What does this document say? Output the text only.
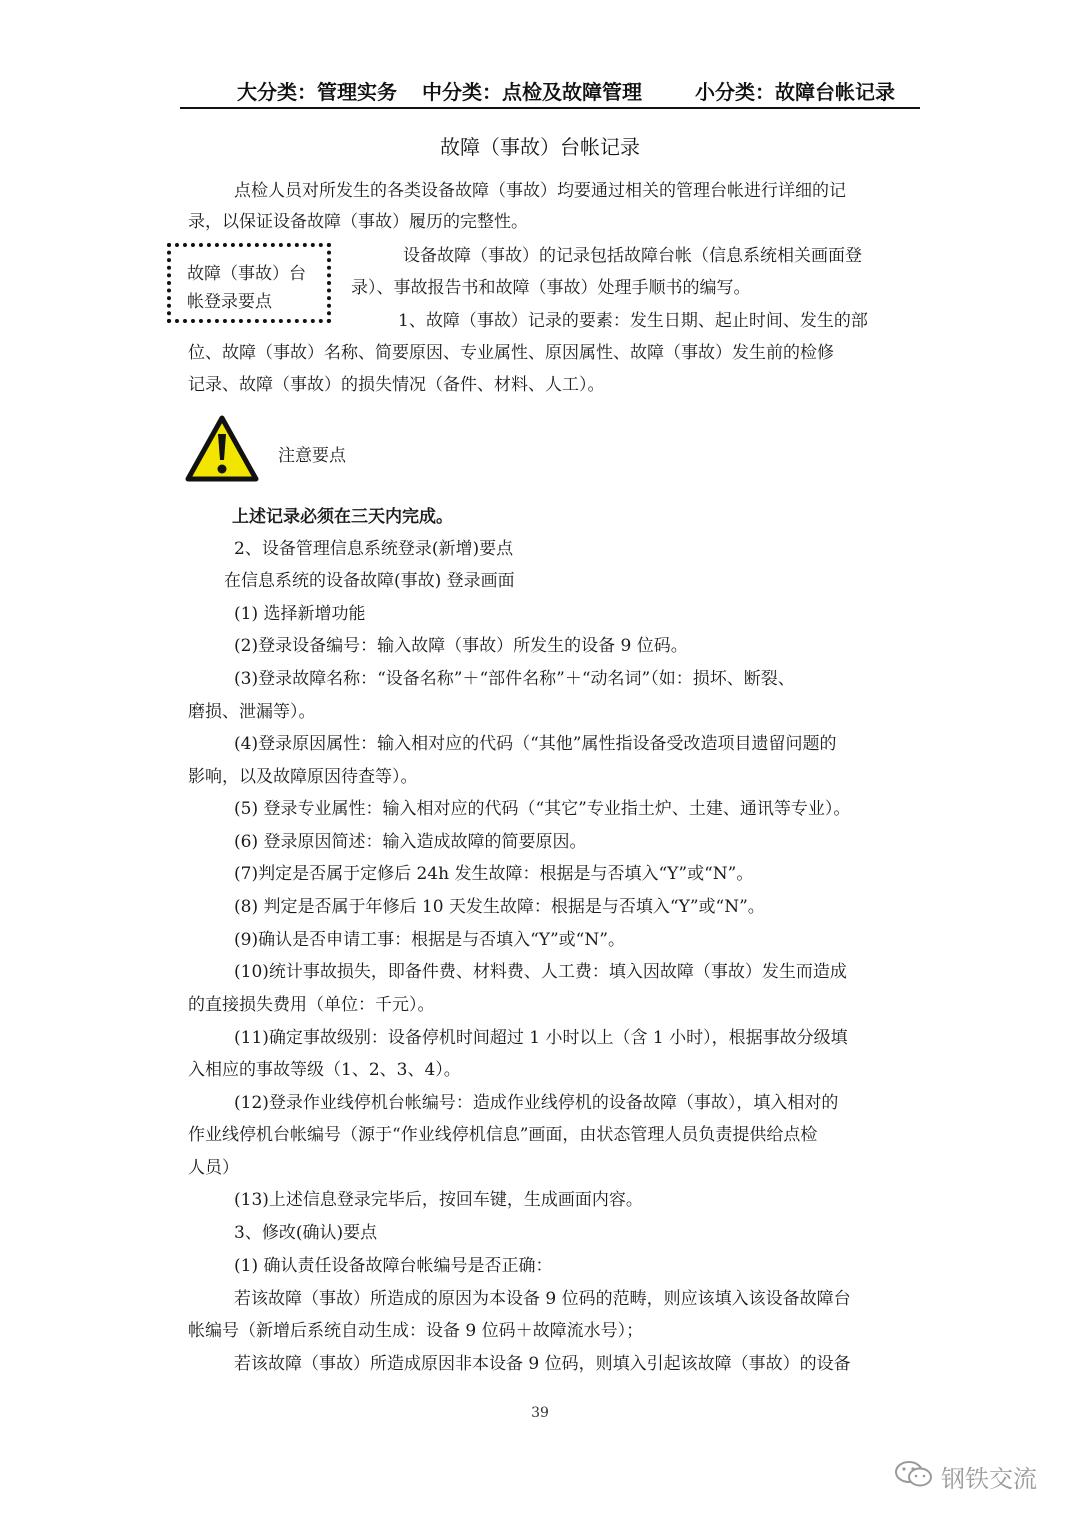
大分类：管理实务 中分类：点检及故障管理	小分类：故障台帐记录
故障（事故）台帐记录
点检人员对所发生的各类设备故障（事故）均要通过相关的管理台帐进行详细的记
录，以保证设备故障（事故）履历的完整性。
故障（事故）台
帐登录要点
设备故障（事故）的记录包括故障台帐（信息系统相关画面登
录）、事故报告书和故障（事故）处理手顺书的编写。
1、故障（事故）记录的要素：发生日期、起止时间、发生的部
位、故障（事故）名称、简要原因、专业属性、原因属性、故障（事故）发生前的检修
记录、故障（事故）的损失情况（备件、材料、人工）。
注意要点
上述记录必须在三天内完成。
2、设备管理信息系统登录(新增)要点
在信息系统的设备故障(事故) 登录画面
(1) 选择新增功能
(2)登录设备编号：输入故障（事故）所发生的设备 9 位码。
(3)登录故障名称：“设备名称”＋“部件名称”＋“动名词”（如：损坏、断裂、
磨损、泄漏等）。
(4)登录原因属性：输入相对应的代码（“其他”属性指设备受改造项目遗留问题的
影响，以及故障原因待查等）。
(5) 登录专业属性：输入相对应的代码（“其它”专业指土炉、土建、通讯等专业）。
(6) 登录原因简述：输入造成故障的简要原因。
(7)判定是否属于定修后 24h 发生故障：根据是与否填入“Y”或“N”。
(8) 判定是否属于年修后 10 天发生故障：根据是与否填入“Y”或“N”。
(9)确认是否申请工事：根据是与否填入“Y”或“N”。
(10)统计事故损失，即备件费、材料费、人工费：填入因故障（事故）发生而造成
的直接损失费用（单位：千元）。
(11)确定事故级别：设备停机时间超过 1 小时以上（含 1 小时），根据事故分级填
入相应的事故等级（1、2、3、4）。
(12)登录作业线停机台帐编号：造成作业线停机的设备故障（事故），填入相对的
作业线停机台帐编号（源于“作业线停机信息”画面，由状态管理人员负责提供给点检
人员）
(13)上述信息登录完毕后，按回车键，生成画面内容。
3、修改(确认)要点
(1) 确认责任设备故障台帐编号是否正确：
若该故障（事故）所造成的原因为本设备 9 位码的范畴，则应该填入该设备故障台
帐编号（新增后系统自动生成：设备 9 位码＋故障流水号）；
若该故障（事故）所造成原因非本设备 9 位码，则填入引起该故障（事故）的设备
39
钢铁交流
